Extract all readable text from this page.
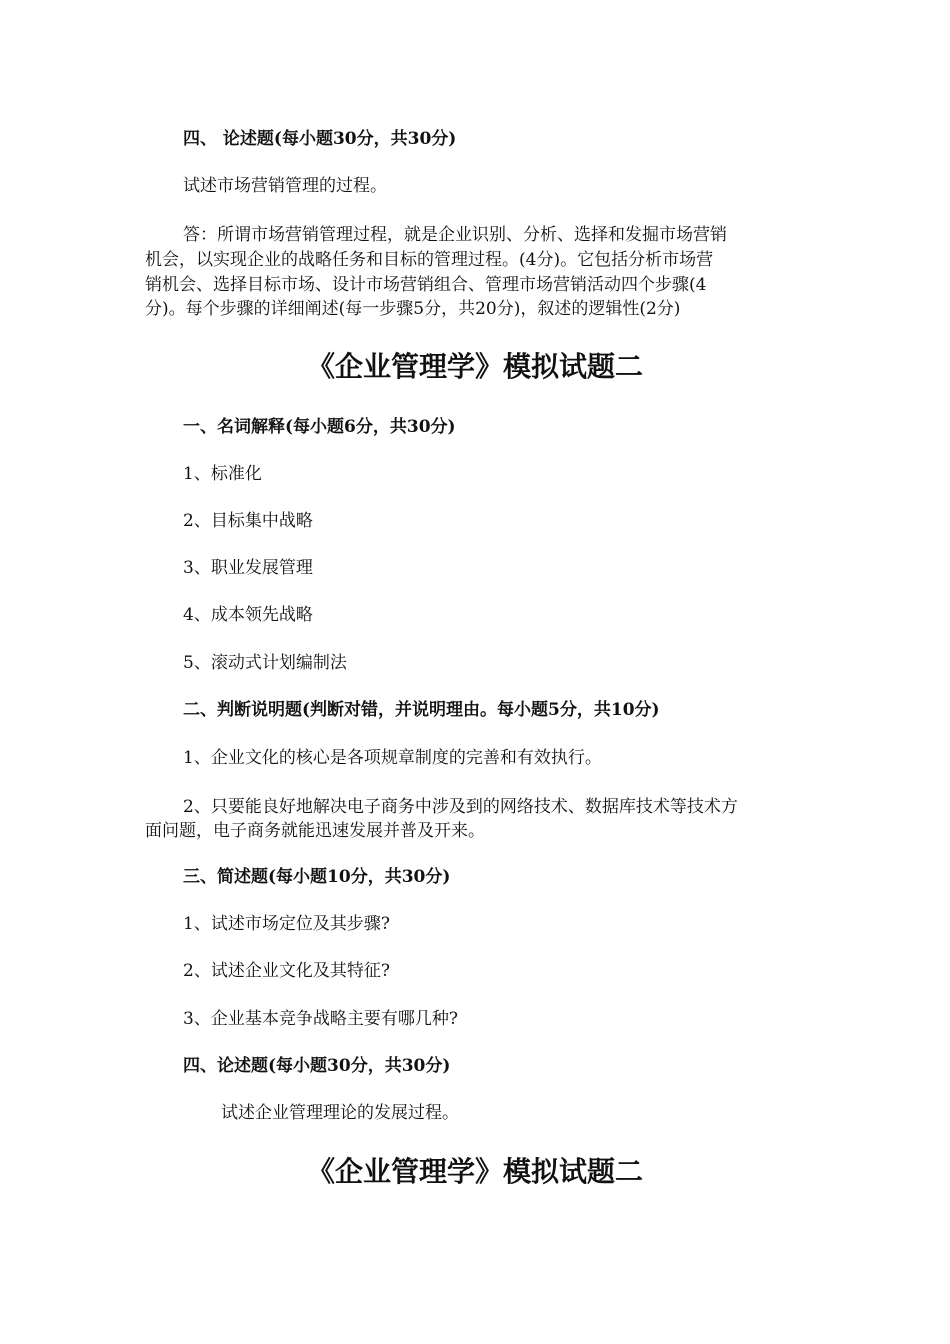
四、 论述题(每小题30分，共30分)
试述市场营销管理的过程。
答：所谓市场营销管理过程，就是企业识别、分析、选择和发掘市场营销
机会，以实现企业的战略任务和目标的管理过程。(4分)。它包括分析市场营
销机会、选择目标市场、设计市场营销组合、管理市场营销活动四个步骤(4
分)。每个步骤的详细阐述(每一步骤5分，共20分)，叙述的逻辑性(2分)
《企业管理学》模拟试题二
一、名词解释(每小题6分，共30分)
1、标准化
2、目标集中战略
3、职业发展管理
4、成本领先战略
5、滚动式计划编制法
二、判断说明题(判断对错，并说明理由。每小题5分，共10分)
1、企业文化的核心是各项规章制度的完善和有效执行。
2、只要能良好地解决电子商务中涉及到的网络技术、数据库技术等技术方
面问题，电子商务就能迅速发展并普及开来。
三、简述题(每小题10分，共30分)
1、试述市场定位及其步骤?
2、试述企业文化及其特征?
3、企业基本竞争战略主要有哪几种?
四、论述题(每小题30分，共30分)
试述企业管理理论的发展过程。
《企业管理学》模拟试题二
